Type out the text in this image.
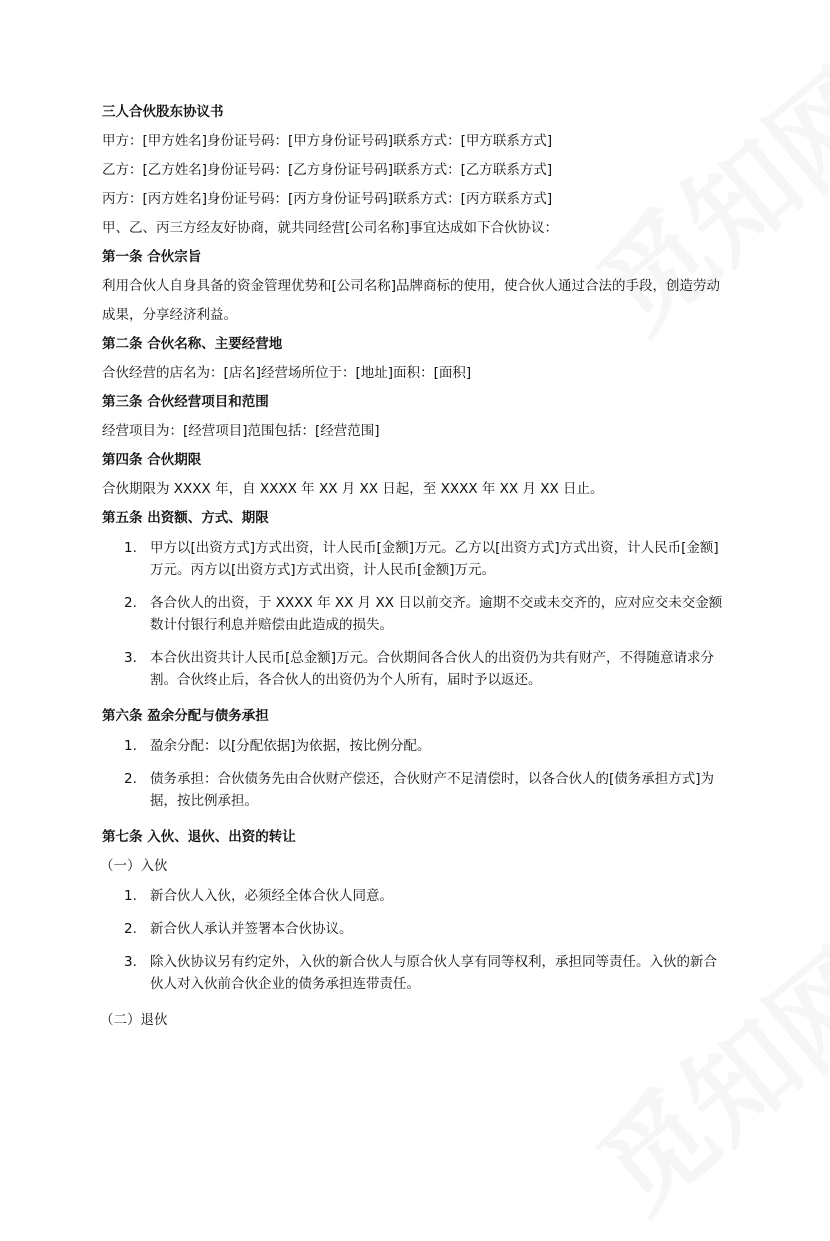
三人合伙股东协议书
甲方：[甲方姓名]身份证号码：[甲方身份证号码]联系方式：[甲方联系方式]
乙方：[乙方姓名]身份证号码：[乙方身份证号码]联系方式：[乙方联系方式]
丙方：[丙方姓名]身份证号码：[丙方身份证号码]联系方式：[丙方联系方式]
甲、乙、丙三方经友好协商，就共同经营[公司名称]事宜达成如下合伙协议：
第一条 合伙宗旨
利用合伙人自身具备的资金管理优势和[公司名称]品牌商标的使用，使合伙人通过合法的手段，创造劳动成果，分享经济利益。
第二条 合伙名称、主要经营地
合伙经营的店名为：[店名]经营场所位于：[地址]面积：[面积]
第三条 合伙经营项目和范围
经营项目为：[经营项目]范围包括：[经营范围]
第四条 合伙期限
合伙期限为 XXXX 年，自 XXXX 年 XX 月 XX 日起，至 XXXX 年 XX 月 XX 日止。
第五条 出资额、方式、期限
1. 甲方以[出资方式]方式出资，计人民币[金额]万元。乙方以[出资方式]方式出资，计人民币[金额]万元。丙方以[出资方式]方式出资，计人民币[金额]万元。
2. 各合伙人的出资，于 XXXX 年 XX 月 XX 日以前交齐。逾期不交或未交齐的，应对应交未交金额数计付银行利息并赔偿由此造成的损失。
3. 本合伙出资共计人民币[总金额]万元。合伙期间各合伙人的出资仍为共有财产，不得随意请求分割。合伙终止后，各合伙人的出资仍为个人所有，届时予以返还。
第六条 盈余分配与债务承担
1. 盈余分配：以[分配依据]为依据，按比例分配。
2. 债务承担：合伙债务先由合伙财产偿还，合伙财产不足清偿时，以各合伙人的[债务承担方式]为据，按比例承担。
第七条 入伙、退伙、出资的转让
（一）入伙
1. 新合伙人入伙，必须经全体合伙人同意。
2. 新合伙人承认并签署本合伙协议。
3. 除入伙协议另有约定外，入伙的新合伙人与原合伙人享有同等权利，承担同等责任。入伙的新合伙人对入伙前合伙企业的债务承担连带责任。
（二）退伙
